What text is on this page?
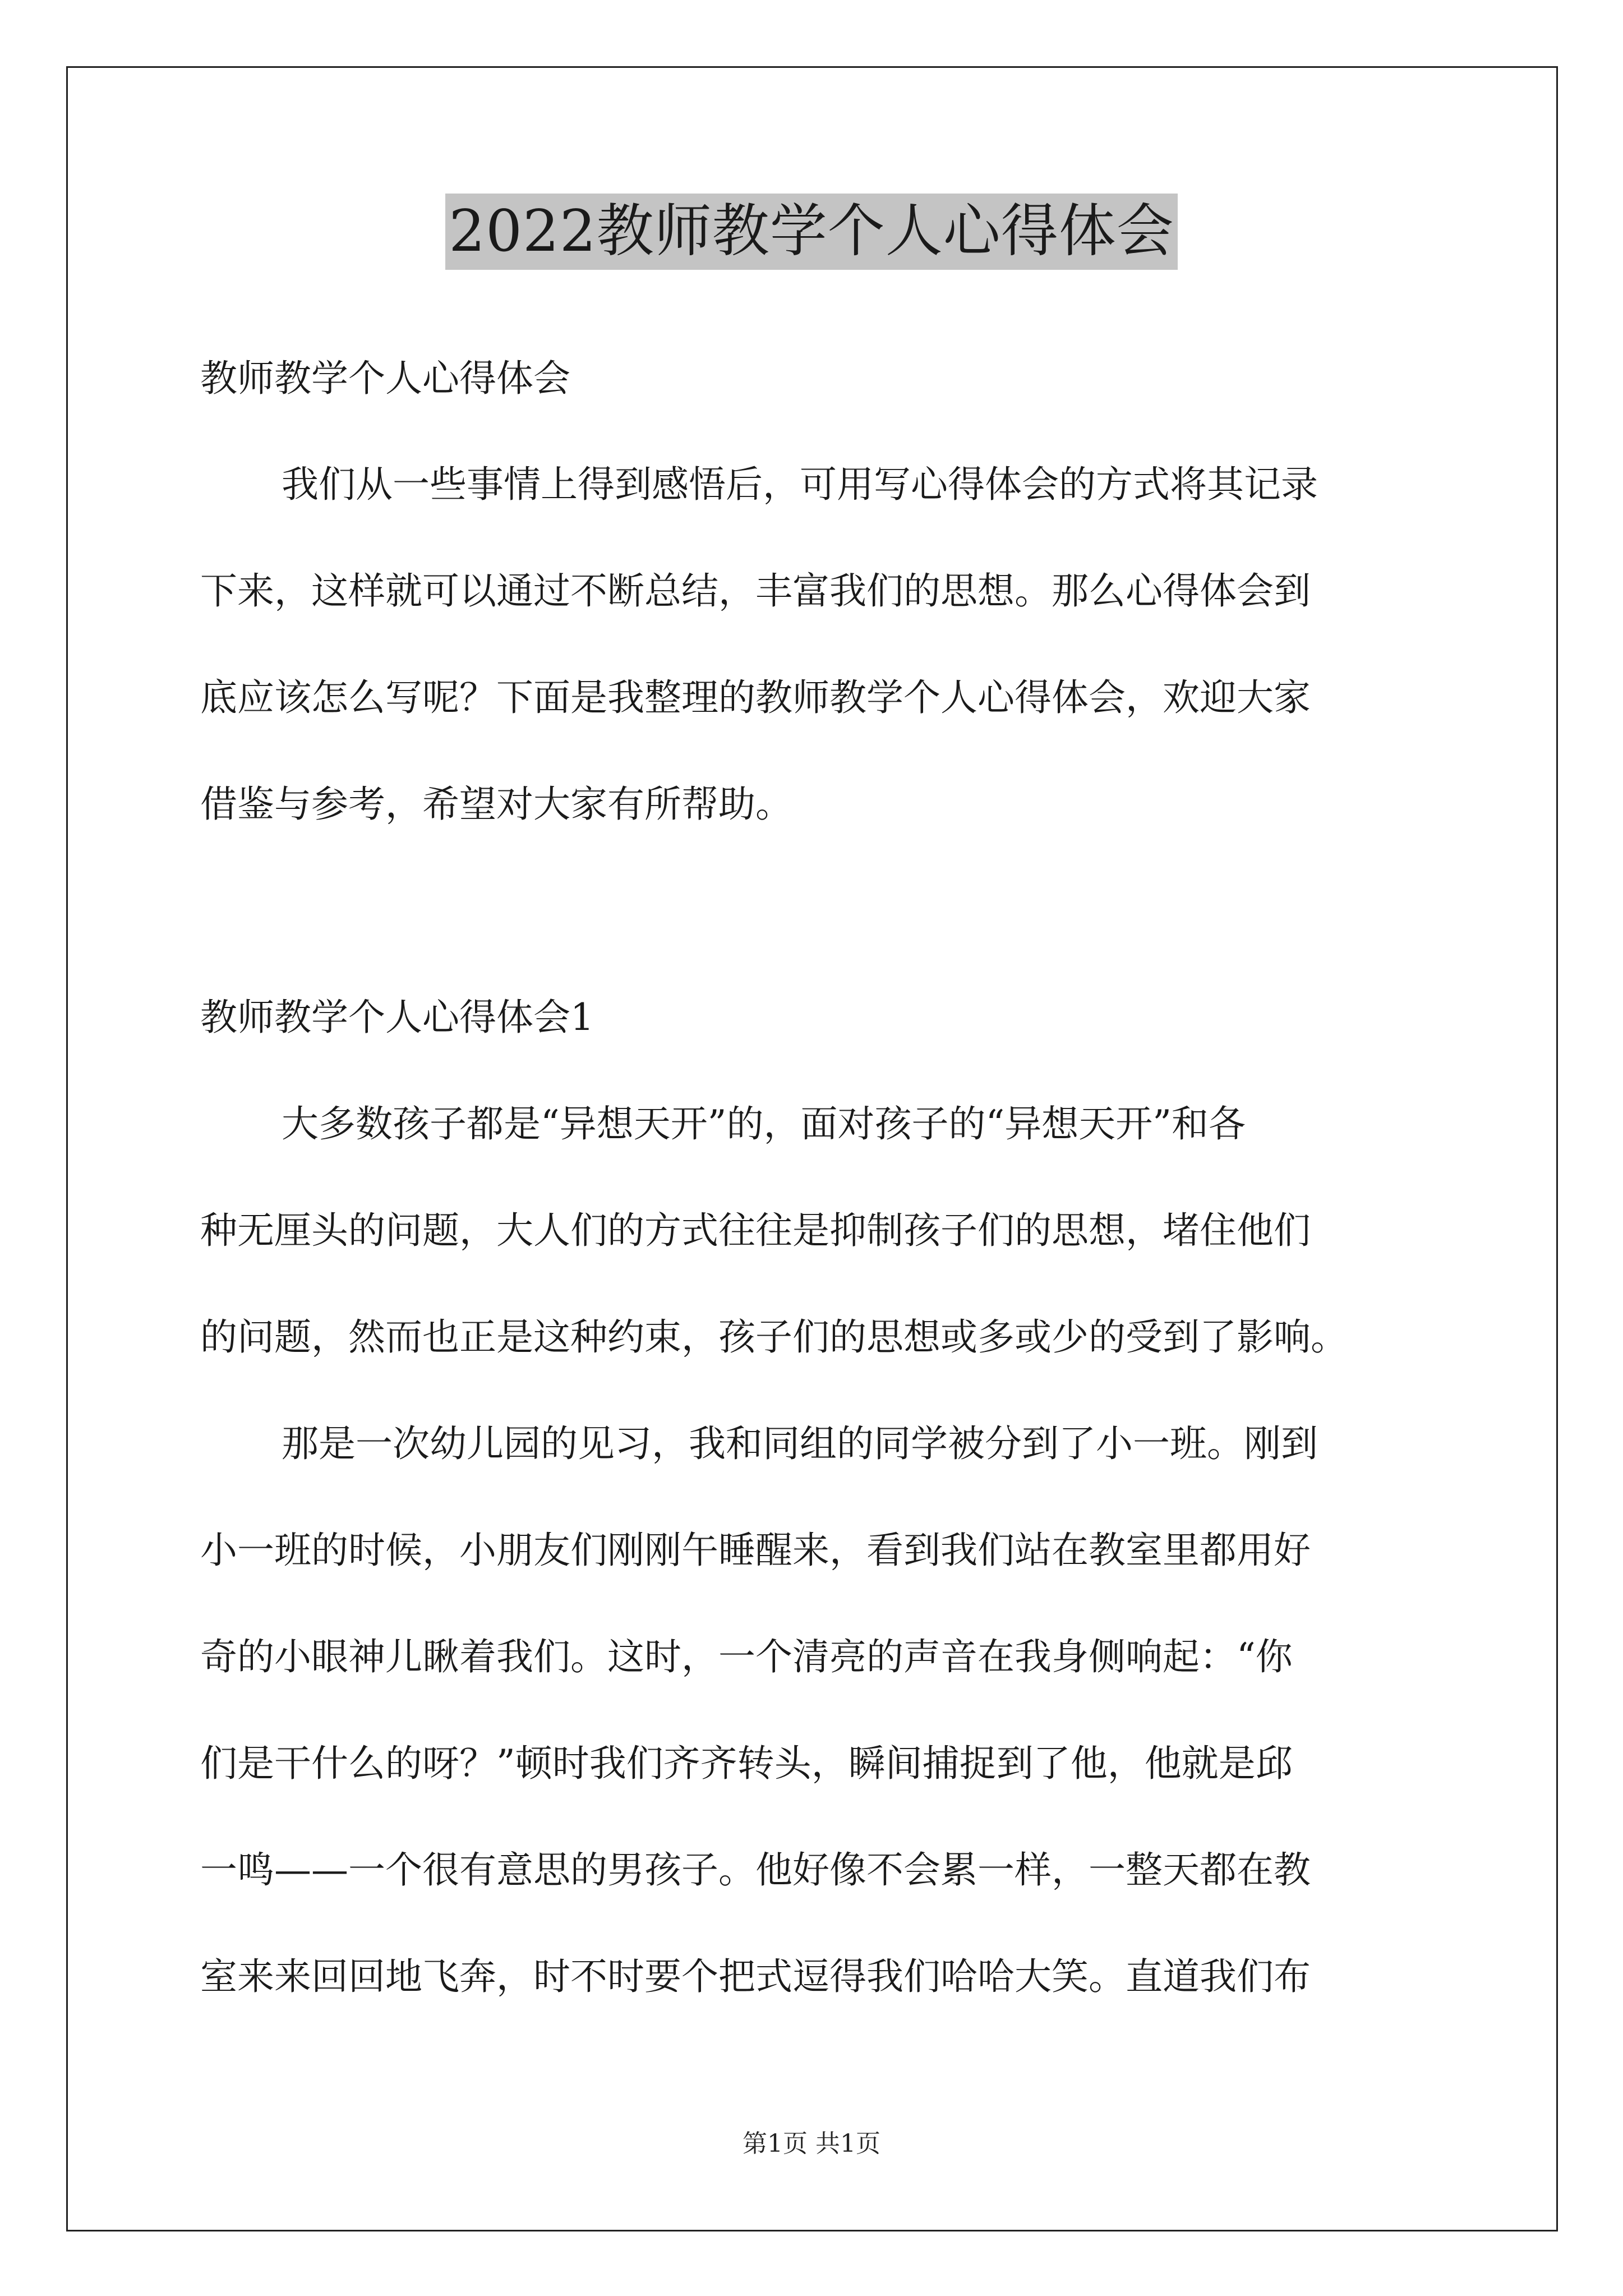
2022教师教学个人心得体会

教师教学个人心得体会

我们从一些事情上得到感悟后，可用写心得体会的方式将其记录

下来，这样就可以通过不断总结，丰富我们的思想。那么心得体会到

底应该怎么写呢？下面是我整理的教师教学个人心得体会，欢迎大家

借鉴与参考，希望对大家有所帮助。

教师教学个人心得体会1

大多数孩子都是“异想天开”的，面对孩子的“异想天开”和各

种无厘头的问题，大人们的方式往往是抑制孩子们的思想，堵住他们

的问题，然而也正是这种约束，孩子们的思想或多或少的受到了影响。

那是一次幼儿园的见习，我和同组的同学被分到了小一班。刚到

小一班的时候，小朋友们刚刚午睡醒来，看到我们站在教室里都用好

奇的小眼神儿瞅着我们。这时，一个清亮的声音在我身侧响起：“你

们是干什么的呀？”顿时我们齐齐转头，瞬间捕捉到了他，他就是邱

一鸣——一个很有意思的男孩子。他好像不会累一样，一整天都在教

室来来回回地飞奔，时不时要个把式逗得我们哈哈大笑。直道我们布

第1页 共1页
